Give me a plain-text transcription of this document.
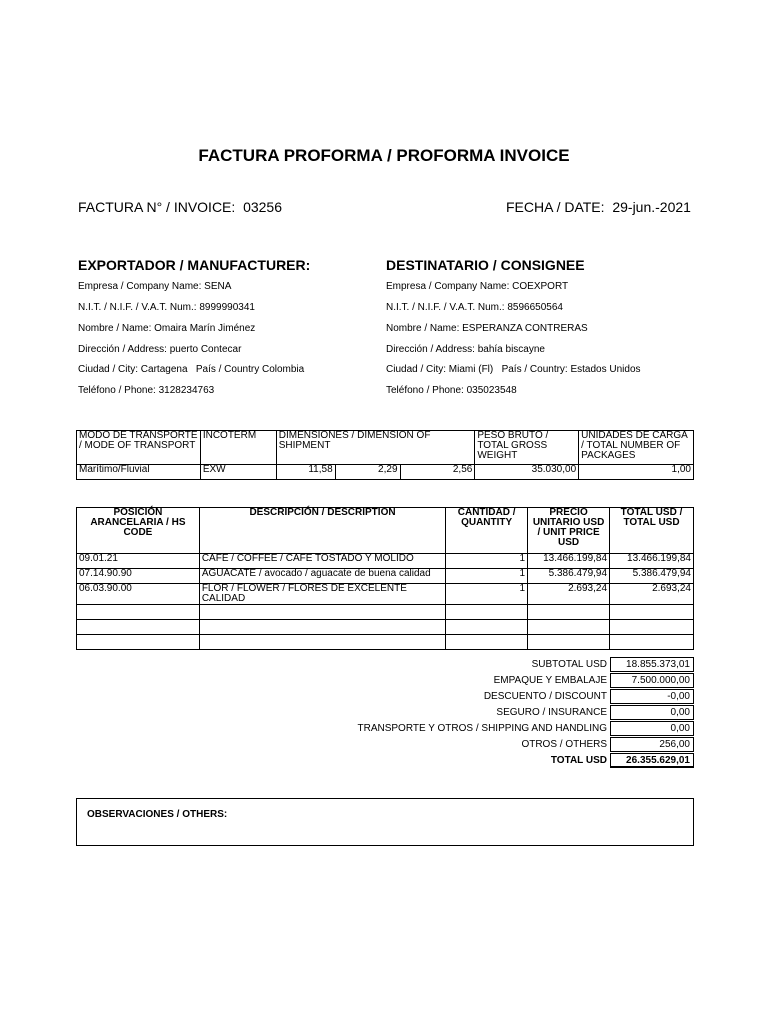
FACTURA PROFORMA / PROFORMA INVOICE
FACTURA N° / INVOICE: 03256	FECHA / DATE: 29-jun.-2021
EXPORTADOR / MANUFACTURER:
Empresa / Company Name: SENA
N.I.T. / N.I.F. / V.A.T. Num.: 8999990341
Nombre / Name: Omaira Marín Jiménez
Dirección / Address: puerto Contecar
Ciudad / City: Cartagena   País / Country Colombia
Teléfono / Phone: 3128234763
DESTINATARIO / CONSIGNEE
Empresa / Company Name: COEXPORT
N.I.T. / N.I.F. / V.A.T. Num.: 8596650564
Nombre / Name: ESPERANZA CONTRERAS
Dirección / Address: bahía biscayne
Ciudad / City: Miami (Fl)   País / Country: Estados Unidos
Teléfono / Phone: 035023548
MODO DE TRANSPORTE / MODE OF TRANSPORT	INCOTERM	DIMENSIONES / DIMENSION OF SHIPMENT			PESO BRUTO / TOTAL GROSS WEIGHT	UNIDADES DE CARGA / TOTAL NUMBER OF PACKAGES
Marítimo/Fluvial	EXW	11,58	2,29	2,56	35.030,00	1,00
POSICIÓN ARANCELARIA / HS CODE	DESCRIPCIÓN / DESCRIPTION	CANTIDAD / QUANTITY	PRECIO UNITARIO USD / UNIT PRICE USD	TOTAL USD / TOTAL USD
09.01.21	CAFE / COFFEE / CAFE TOSTADO Y MOLIDO	1	13.466.199,84	13.466.199,84
07.14.90.90	AGUACATE / avocado / aguacate de buena calidad	1	5.386.479,94	5.386.479,94
06.03.90.00	FLOR / FLOWER / FLORES DE EXCELENTE CALIDAD	1	2.693,24	2.693,24

SUBTOTAL USD	18.855.373,01
EMPAQUE Y EMBALAJE	7.500.000,00
DESCUENTO / DISCOUNT	-0,00
SEGURO / INSURANCE	0,00
TRANSPORTE Y OTROS / SHIPPING AND HANDLING	0,00
OTROS / OTHERS	256,00
TOTAL USD	26.355.629,01
OBSERVACIONES / OTHERS:
